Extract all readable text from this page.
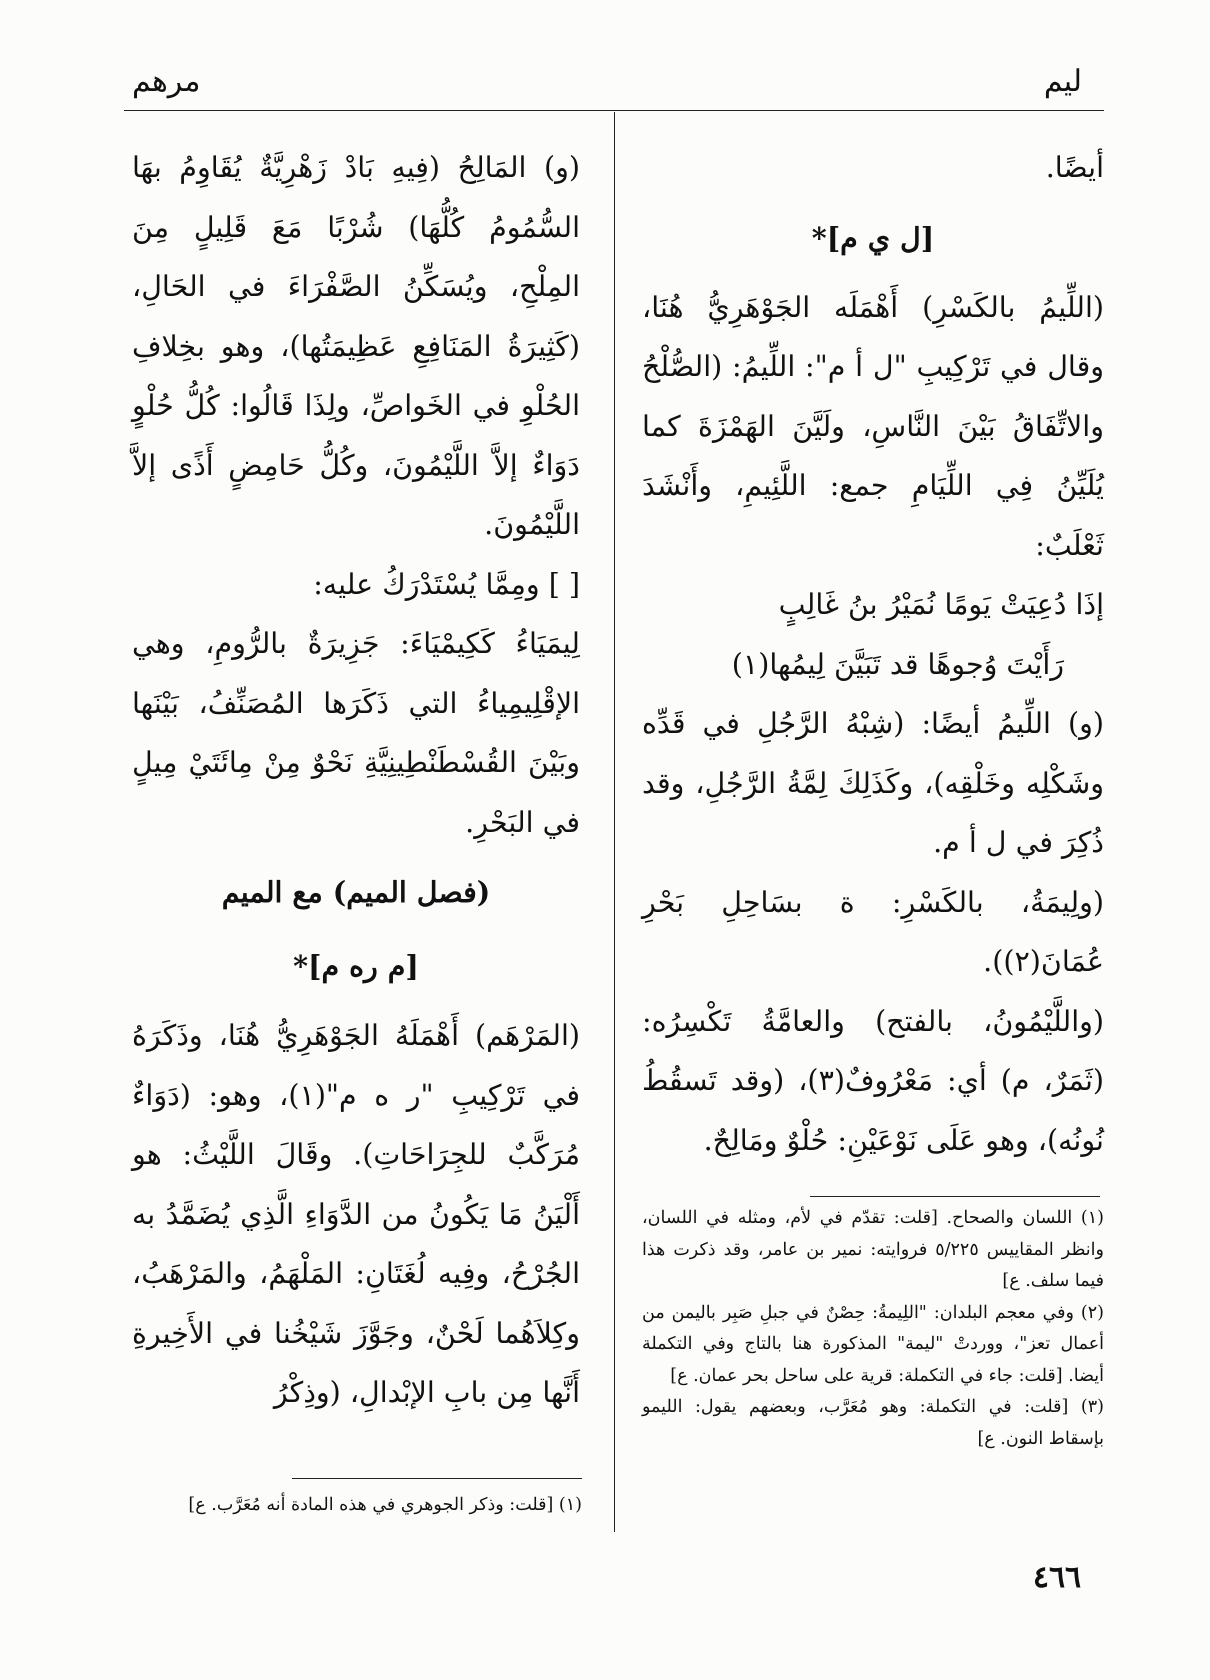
ليم
مرهم

أيضًا.

[ل ي م]*

(اللِّيمُ بالكَسْرِ) أَهْمَلَه الجَوْهَرِيُّ هُنَا، وقال في تَرْكِيبِ "ل أ م": اللِّيمُ: (الصُّلْحُ والاتِّفَاقُ بَيْنَ النَّاسِ، ولَيَّنَ الهَمْزَةَ كما يُلَيِّنُ فِي اللِّيَامِ جمع: اللَّئِيمِ، وأَنْشَدَ ثَعْلَبٌ:

إذَا دُعِيَتْ يَومًا نُمَيْرُ بنُ غَالِبٍ

رَأَيْتَ وُجوهًا قد تَبَيَّنَ لِيمُها(١)

(و) اللِّيمُ أيضًا: (شِبْهُ الرَّجُلِ في قَدِّه وشَكْلِه وخَلْقِه)، وكَذَلِكَ لِمَّةُ الرَّجُلِ، وقد ذُكِرَ في ل أ م.

(ولِيمَةُ، بالكَسْرِ: ة بسَاحِلِ بَحْرِ عُمَانَ(٢)).

(واللَّيْمُونُ، بالفتح) والعامَّةُ تَكْسِرُه: (ثَمَرٌ، م) أي: مَعْرُوفٌ(٣)، (وقد تَسقُطُ نُونُه)، وهو عَلَى نَوْعَيْنِ: حُلْوٌ ومَالِحٌ.

(١) اللسان والصحاح. [قلت: تقدّم في لأم، ومثله في اللسان، وانظر المقاييس ٥/٢٢٥ فروايته: نمير بن عامر، وقد ذكرت هذا فيما سلف. ع]

(٢) وفي معجم البلدان: "اللِيمةُ: حِصْنٌ في جبلِ صَبِر باليمن من أعمال تعز"، ووردتْ "ليمة" المذكورة هنا بالتاج وفي التكملة أيضا. [قلت: جاء في التكملة: قرية على ساحل بحر عمان. ع]

(٣) [قلت: في التكملة: وهو مُعَرَّب، وبعضهم يقول: الليمو بإسقاط النون. ع]

(و) المَالِحُ (فِيهِ بَادْ زَهْرِيَّةٌ يُقَاوِمُ بهَا السُّمُومُ كُلُّهَا) شُرْبًا مَعَ قَلِيلٍ مِنَ المِلْحِ، ويُسَكِّنُ الصَّفْرَاءَ في الحَالِ، (كَثِيرَةُ المَنَافِعِ عَظِيمَتُها)، وهو بخِلافِ الحُلْوِ في الخَواصِّ، ولِذَا قَالُوا: كُلُّ حُلْوٍ دَوَاءٌ إلاَّ اللَّيْمُونَ، وكُلُّ حَامِضٍ أَذًى إلاَّ اللَّيْمُونَ.

[ ] ومِمَّا يُسْتَدْرَكُ عليه:

لِيمَيَاءُ كَكِيمْيَاءَ: جَزِيرَةٌ بالرُّومِ، وهي الإقْلِيمِياءُ التي ذَكَرَها المُصَنِّفُ، بَيْنَها وبَيْنَ القُسْطَنْطِينِيَّةِ نَحْوٌ مِنْ مِائَتَيْ مِيلٍ في البَحْرِ.

(فصل الميم) مع الميم

[م ره م]*

(المَرْهَم) أَهْمَلَهُ الجَوْهَرِيُّ هُنَا، وذَكَرَهُ في تَرْكِيبِ "ر ه م"(١)، وهو: (دَوَاءٌ مُرَكَّبٌ للجِرَاحَاتِ). وقَالَ اللَّيْثُ: هو أَلْيَنُ مَا يَكُونُ من الدَّوَاءِ الَّذِي يُضَمَّدُ به الجُرْحُ، وفِيه لُغَتَانِ: المَلْهَمُ، والمَرْهَبُ، وكِلاَهُما لَحْنٌ، وجَوَّزَ شَيْخُنا في الأَخِيرةِ أَنَّها مِن بابِ الإبْدالِ، (وذِكْرُ

(١) [قلت: وذكر الجوهري في هذه المادة أنه مُعَرَّب. ع]

٤٦٦
